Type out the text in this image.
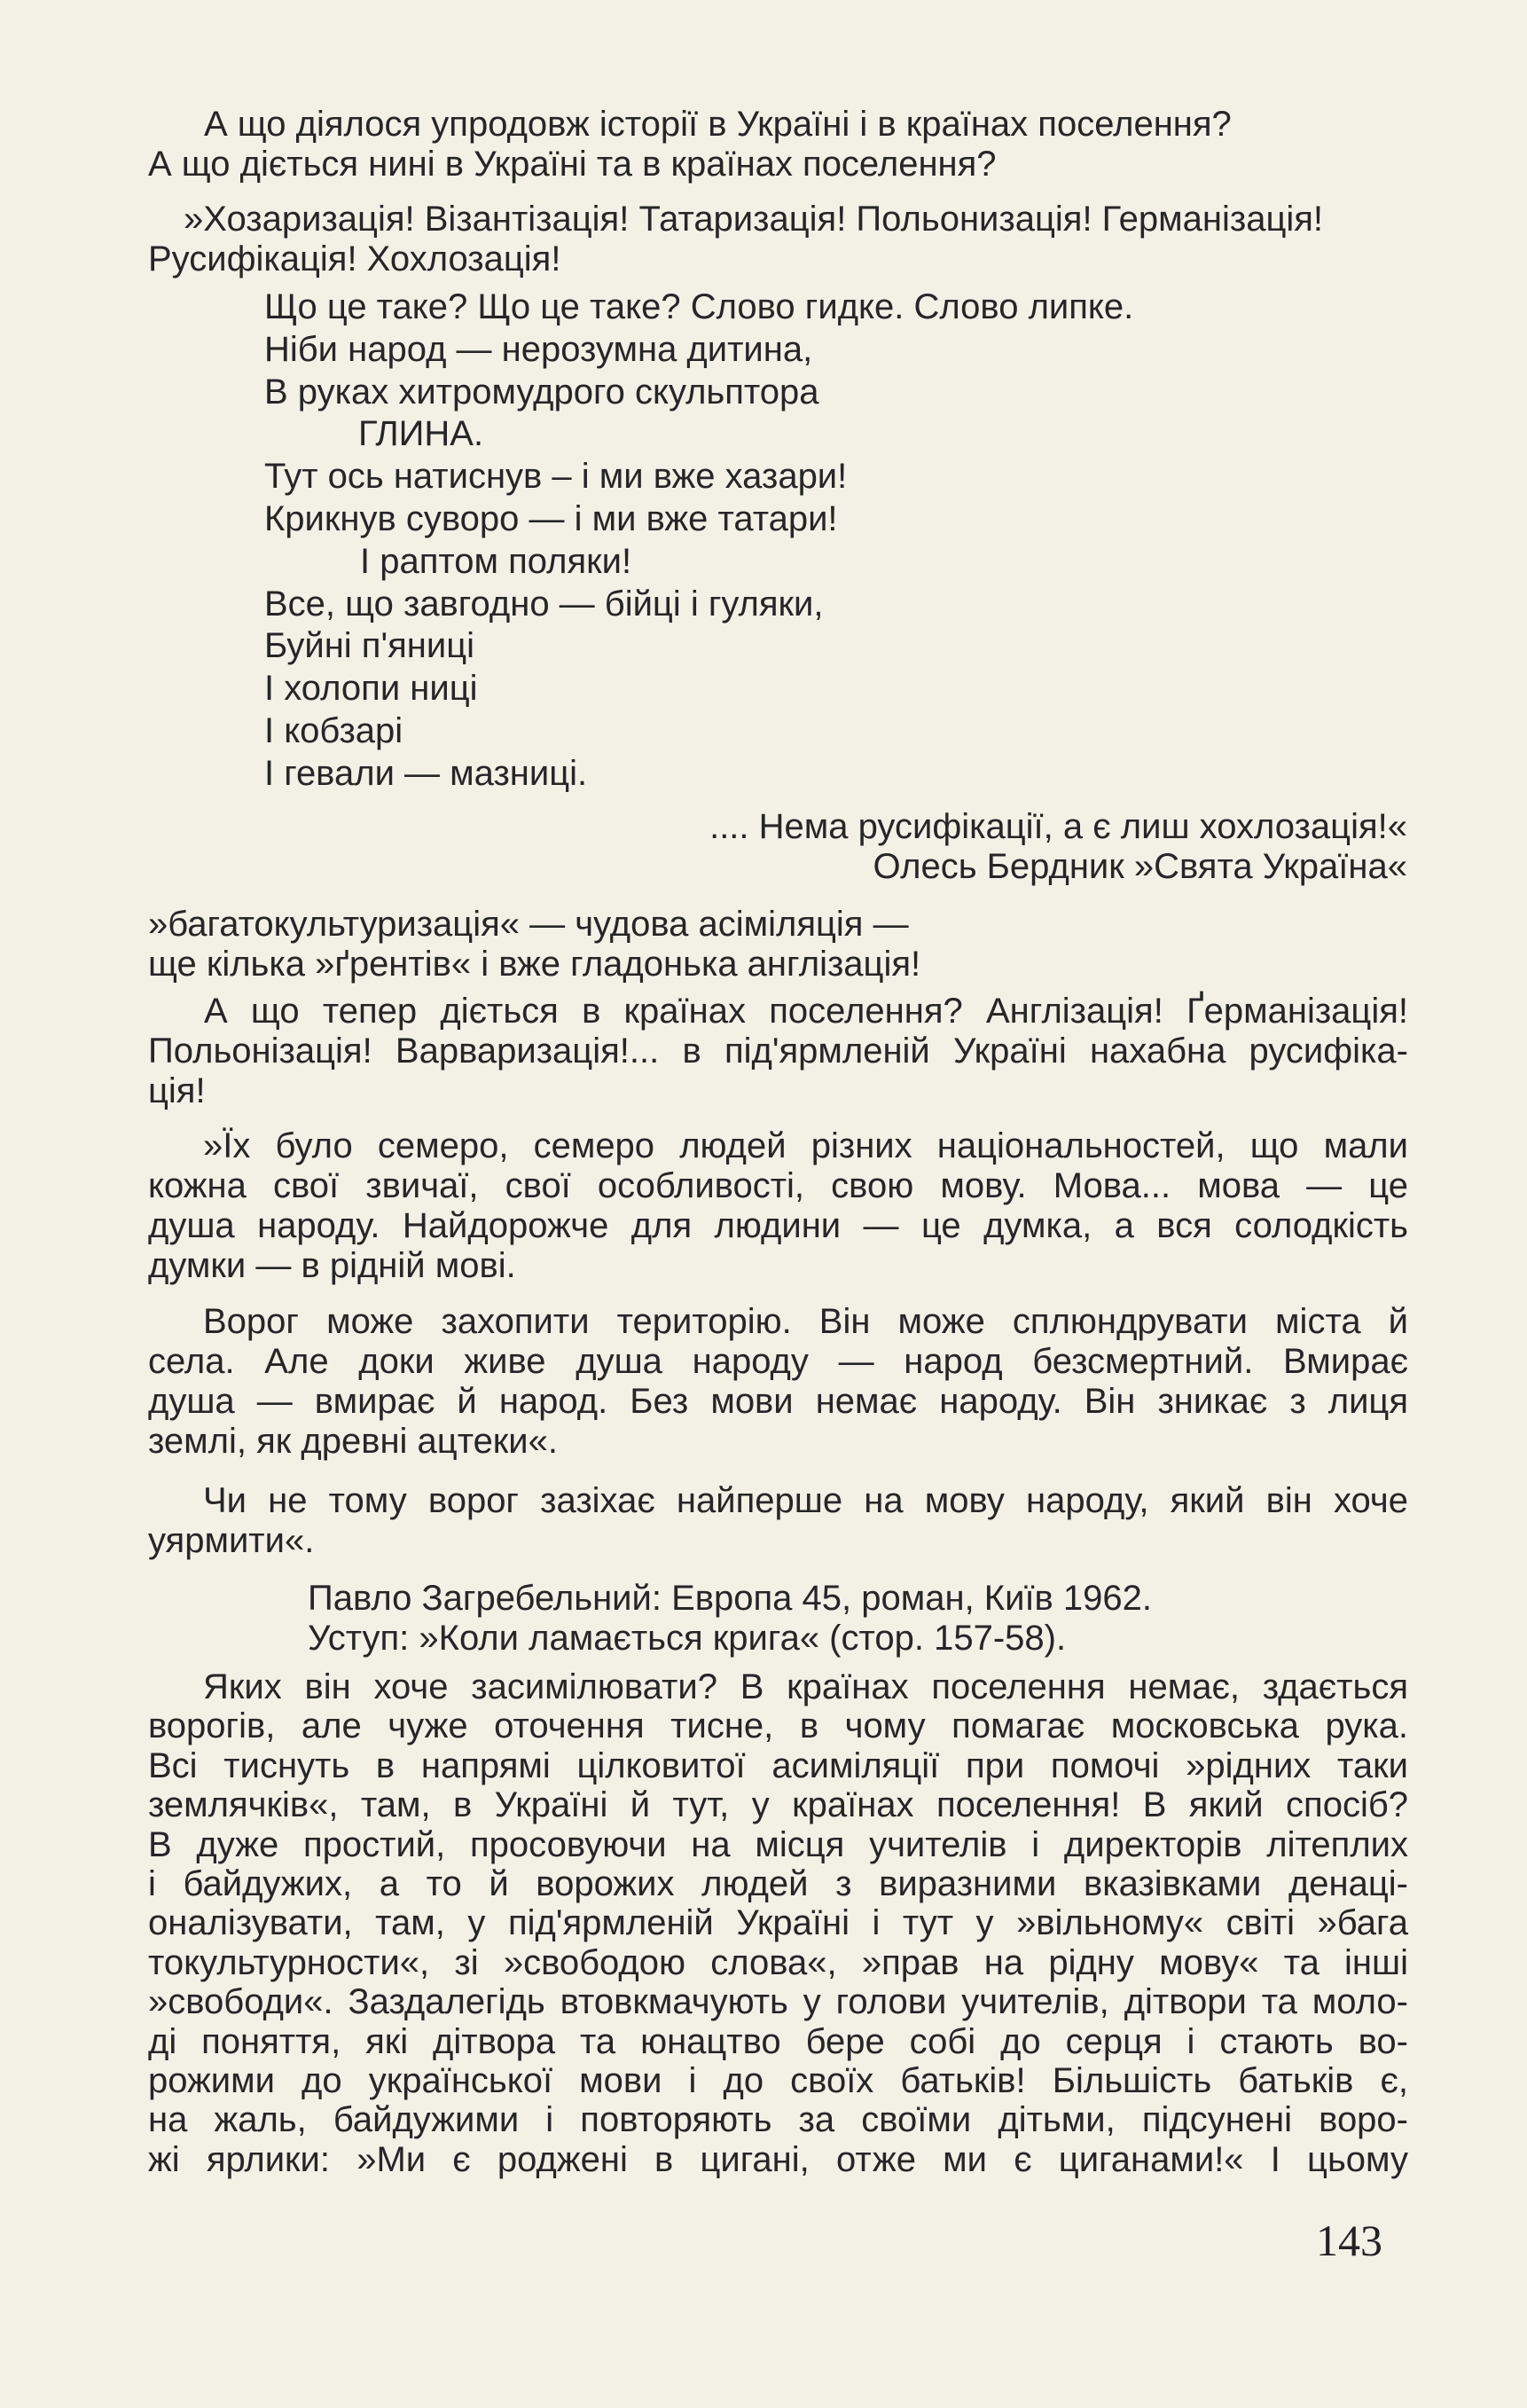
А що діялося упродовж історії в Україні і в країнах поселення?
А що діється нині в Україні та в країнах поселення?
»Хозаризація! Візантізація! Татаризація! Польонизація! Германізація!
Русифікація! Хохлозація!
Що це таке? Що це таке? Слово гидке. Слово липке.
Ніби народ — нерозумна дитина,
В руках хитромудрого скульптора
ГЛИНА.
Тут ось натиснув – і ми вже хазари!
Крикнув суворо — і ми вже татари!
І раптом поляки!
Все, що завгодно — бійці і гуляки,
Буйні п'яниці
І холопи ниці
І кобзарі
І гевали — мазниці.
.... Нема русифікації, а є лиш хохлозація!«
Олесь Бердник »Свята Україна«
»багатокультуризація« — чудова асіміляція —
ще кілька »ґрентів« і вже гладонька англізація!
А що тепер діється в країнах поселення? Англізація! Ґерманізація!
Польонізація! Варваризація!... в під'ярмленій Україні нахабна русифіка-
ція!
»Їх було семеро, семеро людей різних національностей, що мали
кожна свої звичаї, свої особливості, свою мову. Мова... мова — це
душа народу. Найдорожче для людини — це думка, а вся солодкість
думки — в рідній мові.
Ворог може захопити територію. Він може сплюндрувати міста й
села. Але доки живе душа народу — народ безсмертний. Вмирає
душа — вмирає й народ. Без мови немає народу. Він зникає з лиця
землі, як древні ацтеки«.
Чи не тому ворог зазіхає найперше на мову народу, який він хоче
уярмити«.
Павло Загребельний: Европа 45, роман, Київ 1962.
Уступ: »Коли ламається крига« (стор. 157-58).
Яких він хоче засимілювати? В країнах поселення немає, здається
ворогів, але чуже оточення тисне, в чому помагає московська рука.
Всі тиснуть в напрямі цілковитої асиміляції при помочі »рідних таки
землячків«, там, в Україні й тут, у країнах поселення! В який спосіб?
В дуже простий, просовуючи на місця учителів і директорів літеплих
і байдужих, а то й ворожих людей з виразними вказівками денаці-
оналізувати, там, у під'ярмленій Україні і тут у »вільному« світі »бага
токультурности«, зі »свободою слова«, »прав на рідну мову« та інші
»свободи«. Заздалегідь втовкмачують у голови учителів, дітвори та моло-
ді поняття, які дітвора та юнацтво бере собі до серця і стають во-
рожими до української мови і до своїх батьків! Більшість батьків є,
на жаль, байдужими і повторяють за своїми дітьми, підсунені воро-
жі ярлики: »Ми є роджені в цигані, отже ми є циганами!« І цьому
143
